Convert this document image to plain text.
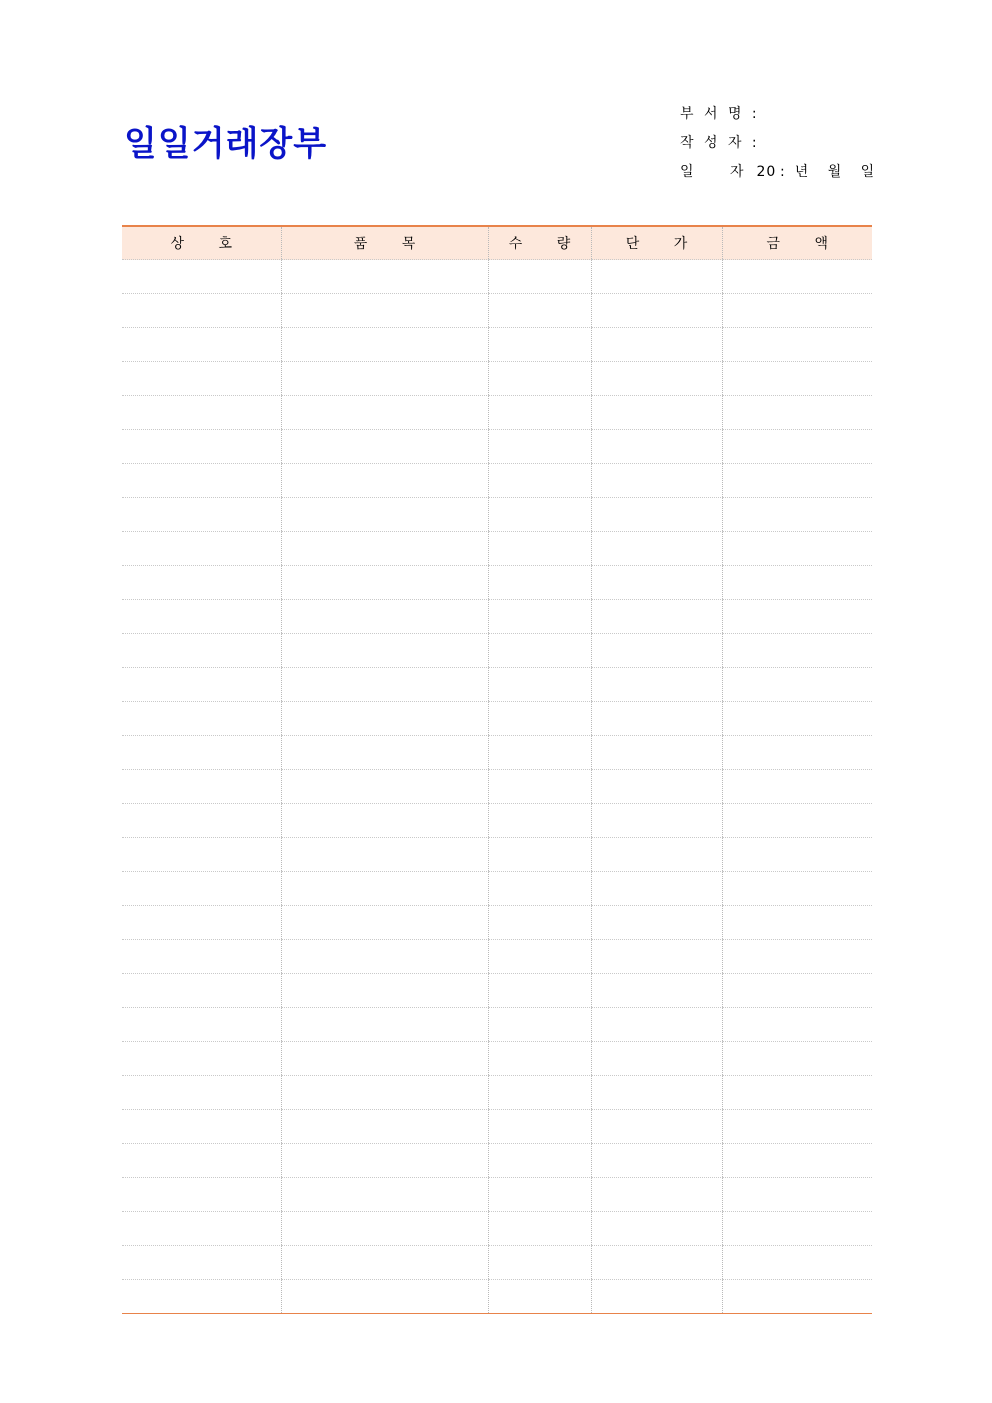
일일거래장부
부 서 명 :
작 성 자 :
일 자 : 20 년 월 일
상 호	품 목	수 량	단 가	금 액
